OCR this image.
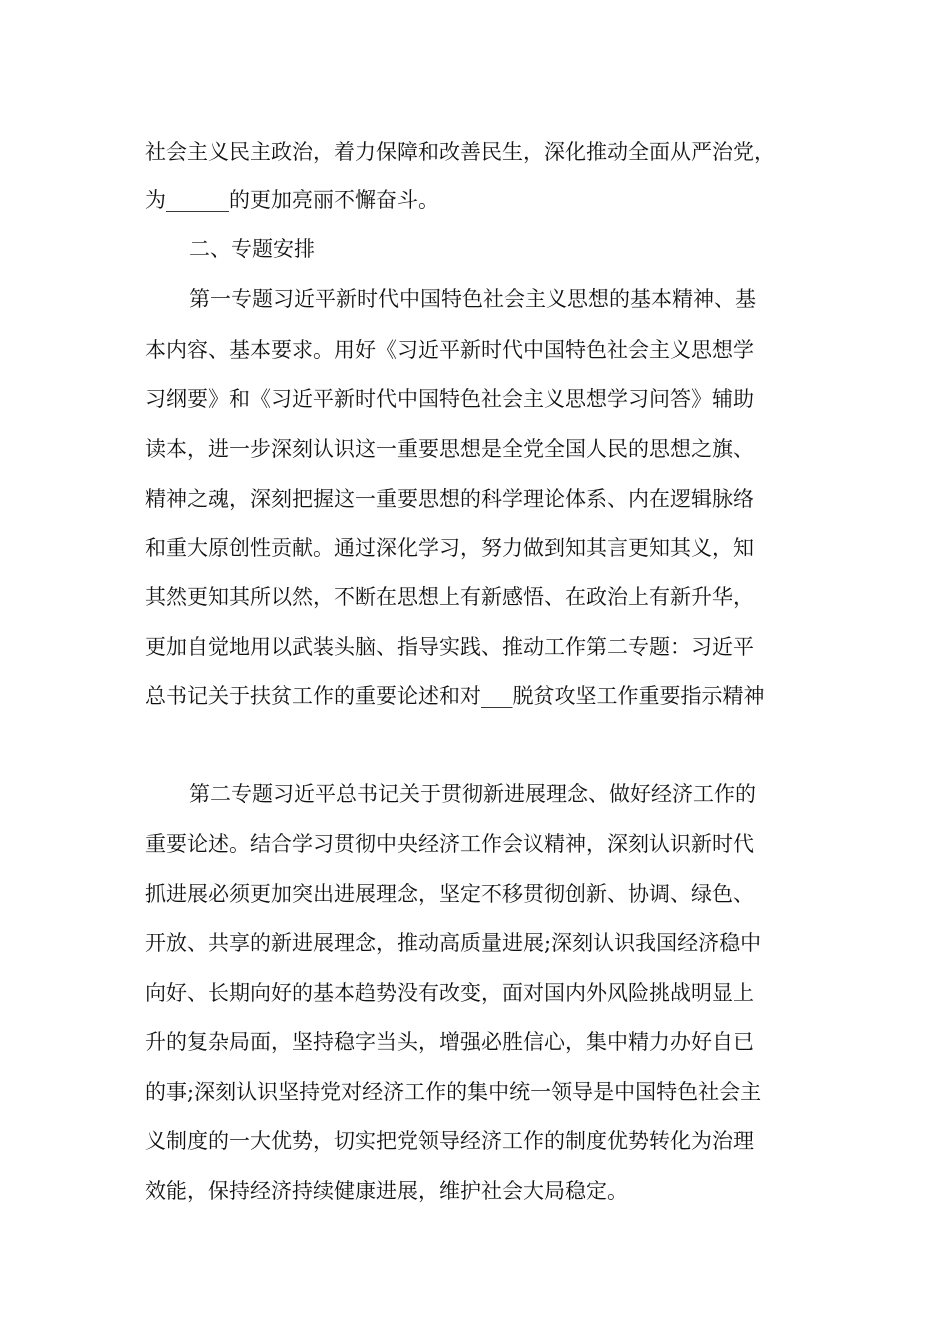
社会主义民主政治，着力保障和改善民生，深化推动全面从严治党，
为______的更加亮丽不懈奋斗。
二、专题安排
第一专题习近平新时代中国特色社会主义思想的基本精神、基
本内容、基本要求。用好《习近平新时代中国特色社会主义思想学
习纲要》和《习近平新时代中国特色社会主义思想学习问答》辅助
读本，进一步深刻认识这一重要思想是全党全国人民的思想之旗、
精神之魂，深刻把握这一重要思想的科学理论体系、内在逻辑脉络
和重大原创性贡献。通过深化学习，努力做到知其言更知其义，知
其然更知其所以然，不断在思想上有新感悟、在政治上有新升华，
更加自觉地用以武装头脑、指导实践、推动工作第二专题：习近平
总书记关于扶贫工作的重要论述和对___脱贫攻坚工作重要指示精神
第二专题习近平总书记关于贯彻新进展理念、做好经济工作的
重要论述。结合学习贯彻中央经济工作会议精神，深刻认识新时代
抓进展必须更加突出进展理念，坚定不移贯彻创新、协调、绿色、
开放、共享的新进展理念，推动高质量进展;深刻认识我国经济稳中
向好、长期向好的基本趋势没有改变，面对国内外风险挑战明显上
升的复杂局面，坚持稳字当头，增强必胜信心，集中精力办好自已
的事;深刻认识坚持党对经济工作的集中统一领导是中国特色社会主
义制度的一大优势，切实把党领导经济工作的制度优势转化为治理
效能，保持经济持续健康进展，维护社会大局稳定。
